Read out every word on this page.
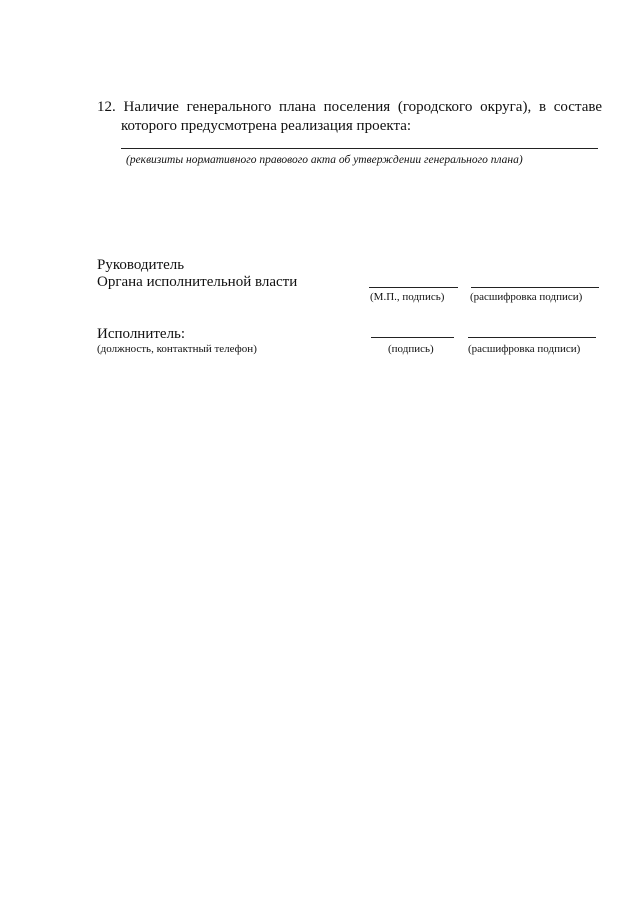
12. Наличие генерального плана поселения (городского округа), в составе
которого предусмотрена реализация проекта:
(реквизиты нормативного правового акта об утверждении генерального плана)
Руководитель
Органа исполнительной власти
(М.П., подпись) (расшифровка подписи)
Исполнитель:
(должность, контактный телефон)	(подпись)	(расшифровка подписи)
